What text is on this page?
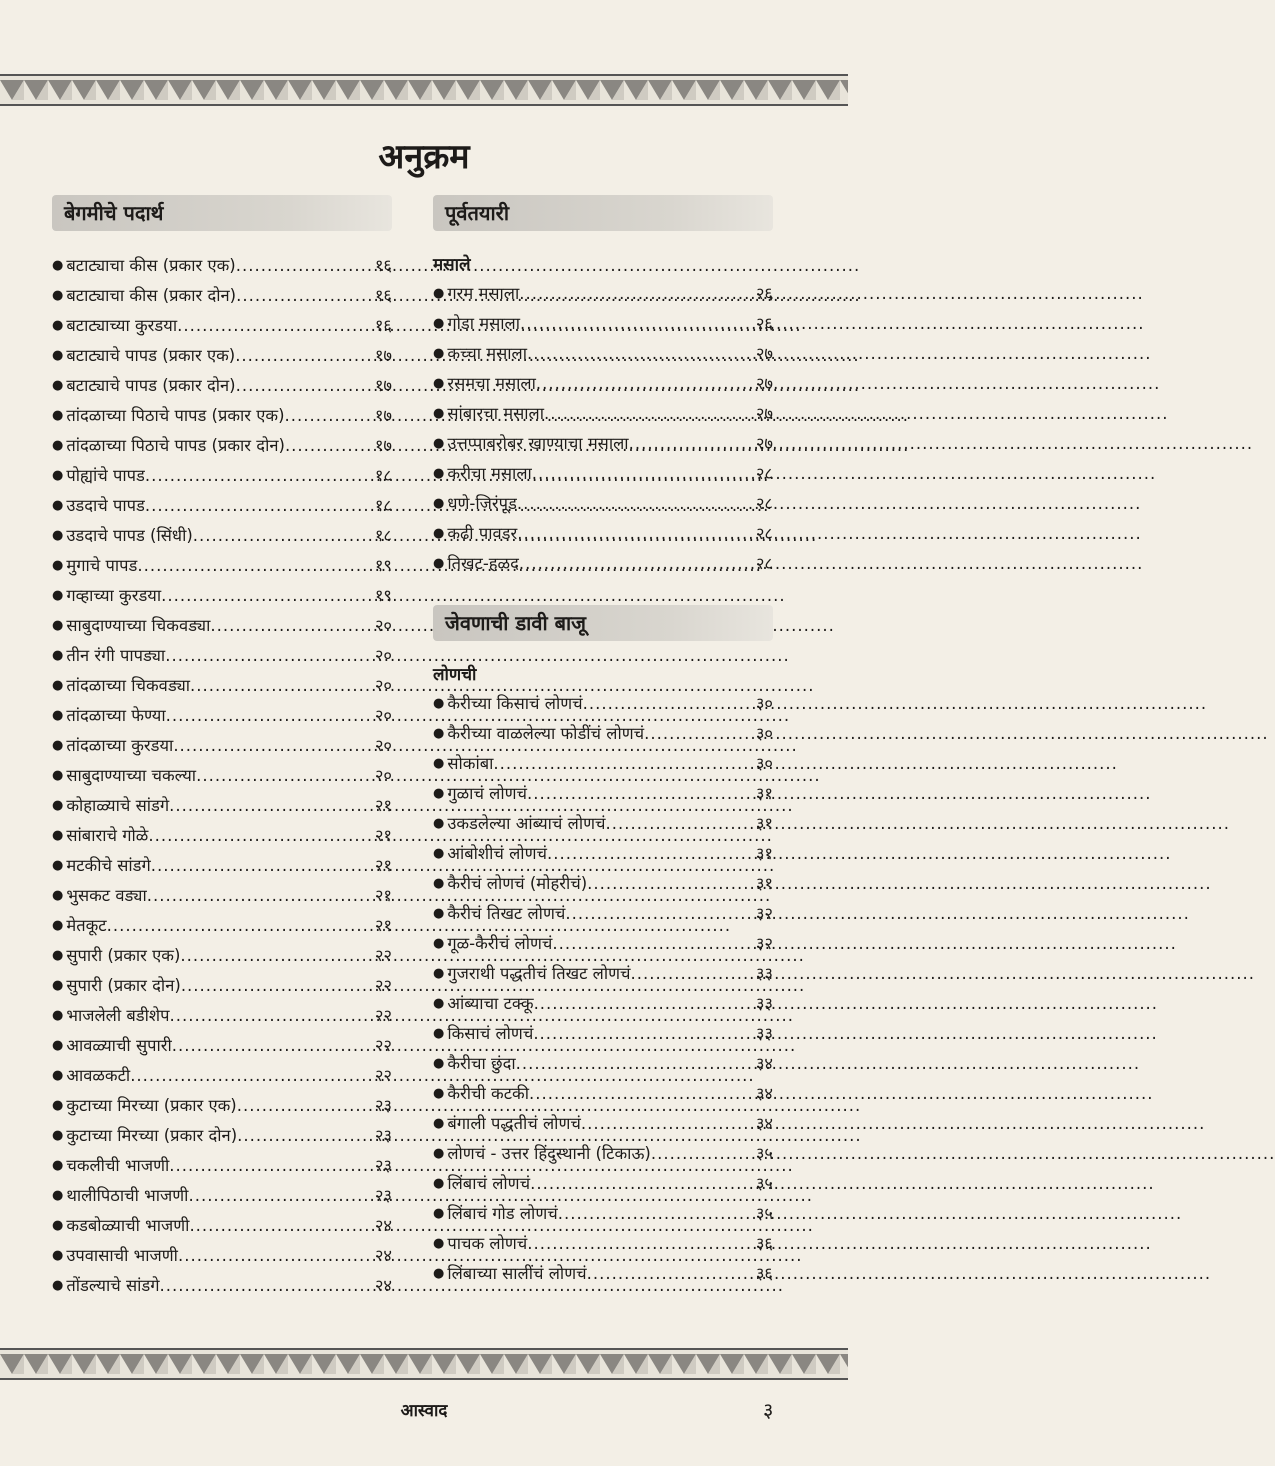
अनुक्रम
बेगमीचे पदार्थ
● बटाट्याचा कीस (प्रकार एक) .....	१६
● बटाट्याचा कीस (प्रकार दोन) .....	१६
● बटाट्याच्या कुरडया .....	१६
● बटाट्याचे पापड (प्रकार एक) .....	१७
● बटाट्याचे पापड (प्रकार दोन) .....	१७
● तांदळाच्या पिठाचे पापड (प्रकार एक) .....	१७
● तांदळाच्या पिठाचे पापड (प्रकार दोन) .....	१७
● पोह्यांचे पापड .....	१८
● उडदाचे पापड .....	१८
● उडदाचे पापड (सिंधी) .....	१८
● मुगाचे पापड .....	१९
● गव्हाच्या कुरडया .....	१९
● साबुदाण्याच्या चिकवड्या .....	२०
● तीन रंगी पापड्या .....	२०
● तांदळाच्या चिकवड्या .....	२०
● तांदळाच्या फेण्या .....	२०
● तांदळाच्या कुरडया .....	२०
● साबुदाण्याच्या चकल्या .....	२०
● कोहाळ्याचे सांडगे .....	२१
● सांबाराचे गोळे .....	२१
● मटकीचे सांडगे .....	२१
● भुसकट वड्या .....	२१
● मेतकूट .....	२१
● सुपारी (प्रकार एक) .....	२२
● सुपारी (प्रकार दोन) .....	२२
● भाजलेली बडीशेप .....	२२
● आवळ्याची सुपारी .....	२२
● आवळकटी .....	२२
● कुटाच्या मिरच्या (प्रकार एक) .....	२३
● कुटाच्या मिरच्या (प्रकार दोन) .....	२३
● चकलीची भाजणी .....	२३
● थालीपिठाची भाजणी .....	२३
● कडबोळ्याची भाजणी .....	२४
● उपवासाची भाजणी .....	२४
● तोंडल्याचे सांडगे .....	२४
पूर्वतयारी
मसाले
● गरम मसाला .....	२६
● गोडा मसाला .....	२६
● कच्चा मसाला .....	२७
● रसमचा मसाला .....	२७
● सांबारचा मसाला .....	२७
● उत्तप्पाबरोबर खाण्याचा मसाला .....	२७
● करीचा मसाला .....	२८
● धणे-जिरंपूड .....	२८
● कढी पावडर .....	२८
● तिखट-हळद .....	२८
जेवणाची डावी बाजू
लोणची
● कैरीच्या किसाचं लोणचं .....	३०
● कैरीच्या वाळलेल्या फोडींचं लोणचं .....	३०
● सोकांबा .....	३०
● गुळाचं लोणचं .....	३१
● उकडलेल्या आंब्याचं लोणचं .....	३१
● आंबोशीचं लोणचं .....	३१
● कैरीचं लोणचं (मोहरीचं) .....	३१
● कैरीचं तिखट लोणचं .....	३२
● गूळ-कैरीचं लोणचं .....	३२
● गुजराथी पद्धतीचं तिखट लोणचं .....	३३
● आंब्याचा टक्कू .....	३३
● किसाचं लोणचं .....	३३
● कैरीचा छुंदा .....	३४
● कैरीची कटकी .....	३४
● बंगाली पद्धतीचं लोणचं .....	३४
● लोणचं - उत्तर हिंदुस्थानी (टिकाऊ) .....	३५
● लिंबाचं लोणचं .....	३५
● लिंबाचं गोड लोणचं .....	३५
● पाचक लोणचं .....	३६
● लिंबाच्या सालींचं लोणचं .....	३६
आस्वाद	३
